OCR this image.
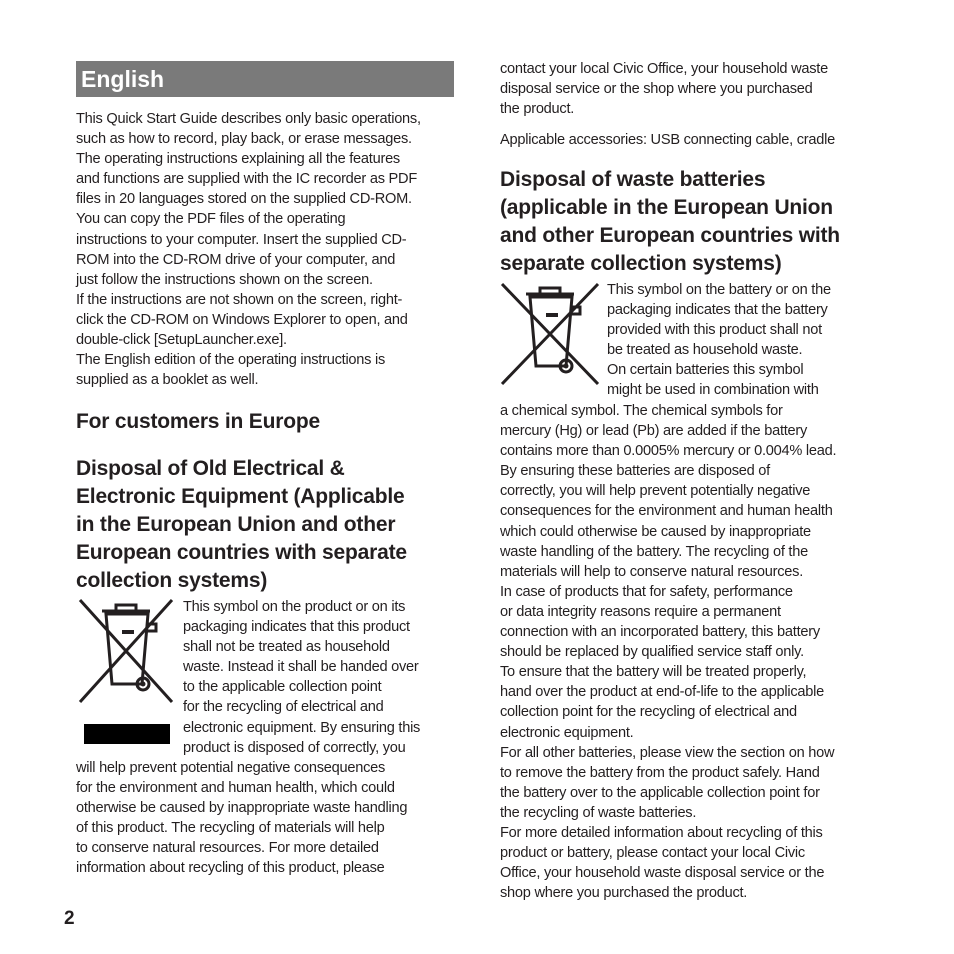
English

This Quick Start Guide describes only basic operations,

such as how to record, play back, or erase messages.

The operating instructions explaining all the features

and functions are supplied with the IC recorder as PDF

files in 20 languages stored on the supplied CD-ROM.

You can copy the PDF files of the operating

instructions to your computer. Insert the supplied CD-

ROM into the CD-ROM drive of your computer, and

just follow the instructions shown on the screen.

If the instructions are not shown on the screen, right-

click the CD-ROM on Windows Explorer to open, and

double-click [SetupLauncher.exe].

The English edition of the operating instructions is

supplied as a booklet as well.

For customers in Europe
Disposal of Old Electrical &
Electronic Equipment (Applicable
in the European Union and other
European countries with separate
collection systems)

This symbol on the product or on its

packaging indicates that this product

shall not be treated as household

waste. Instead it shall be handed over

to the applicable collection point

for the recycling of electrical and

electronic equipment. By ensuring this

product is disposed of correctly, you

will help prevent potential negative consequences

for the environment and human health, which could

otherwise be caused by inappropriate waste handling

of this product. The recycling of materials will help

to conserve natural resources. For more detailed

information about recycling of this product, please

contact your local Civic Office, your household waste

disposal service or the shop where you purchased

the product.

Applicable accessories: USB connecting cable, cradle

Disposal of waste batteries
(applicable in the European Union
and other European countries with
separate collection systems)

This symbol on the battery or on the

packaging indicates that the battery

provided with this product shall not

be treated as household waste.

On certain batteries this symbol

might be used in combination with

a chemical symbol. The chemical symbols for

mercury (Hg) or lead (Pb) are added if the battery

contains more than 0.0005% mercury or 0.004% lead.

By ensuring these batteries are disposed of

correctly, you will help prevent potentially negative

consequences for the environment and human health

which could otherwise be caused by inappropriate

waste handling of the battery. The recycling of the

materials will help to conserve natural resources.

In case of products that for safety, performance

or data integrity reasons require a permanent

connection with an incorporated battery, this battery

should be replaced by qualified service staff only.

To ensure that the battery will be treated properly,

hand over the product at end-of-life to the applicable

collection point for the recycling of electrical and

electronic equipment.

For all other batteries, please view the section on how

to remove the battery from the product safely. Hand

the battery over to the applicable collection point for

the recycling of waste batteries.

For more detailed information about recycling of this

product or battery, please contact your local Civic

Office, your household waste disposal service or the

shop where you purchased the product.

2
